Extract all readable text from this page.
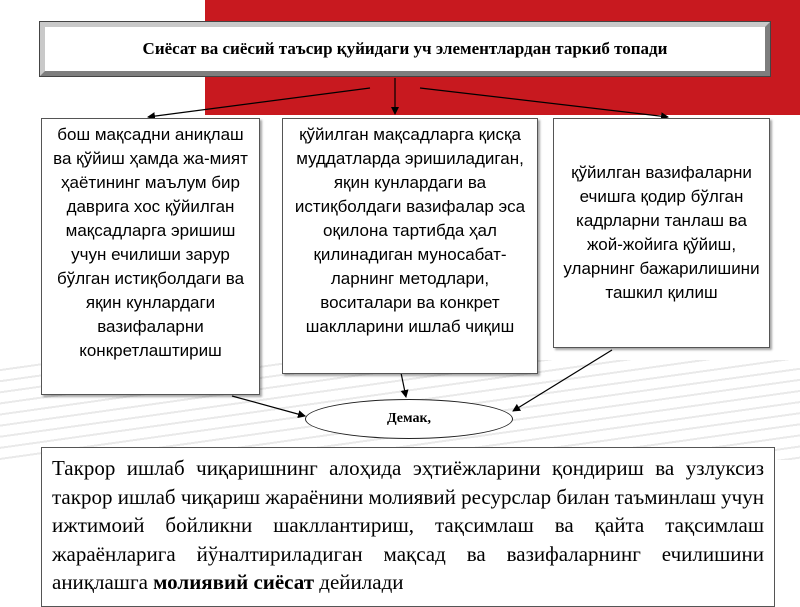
Сиёсат ва сиёсий таъсир қуйидаги уч элементлардан таркиб топади

бош мақсадни аниқлаш ва қўйиш ҳамда жа-мият ҳаётининг маълум бир даврига хос қўйилган мақсадларга эришиш учун ечилиши зарур бўлган истиқболдаги ва яқин кунлардаги вазифаларни конкретлаштириш

қўйилган мақсадларга қисқа муддатларда эришиладиган, яқин кунлардаги ва истиқболдаги вазифалар эса оқилона тартибда ҳал қилинадиган муносабат-ларнинг методлари, воситалари ва конкрет шаклларини ишлаб чиқиш

қўйилган вазифаларни ечишга қодир бўлган кадрларни танлаш ва жой-жойига қўйиш, уларнинг бажарилишини ташкил қилиш

Демак,

Такрор ишлаб чиқаришнинг алоҳида эҳтиёжларини қондириш ва узлуксиз такрор ишлаб чиқариш жараёнини молиявий ресурслар билан таъминлаш учун ижтимоий бойликни шакллантириш, тақсимлаш ва қайта тақсимлаш жараёнларига йўналтириладиган мақсад ва вазифаларнинг ечилишини аниқлашга молиявий сиёсат дейилади
